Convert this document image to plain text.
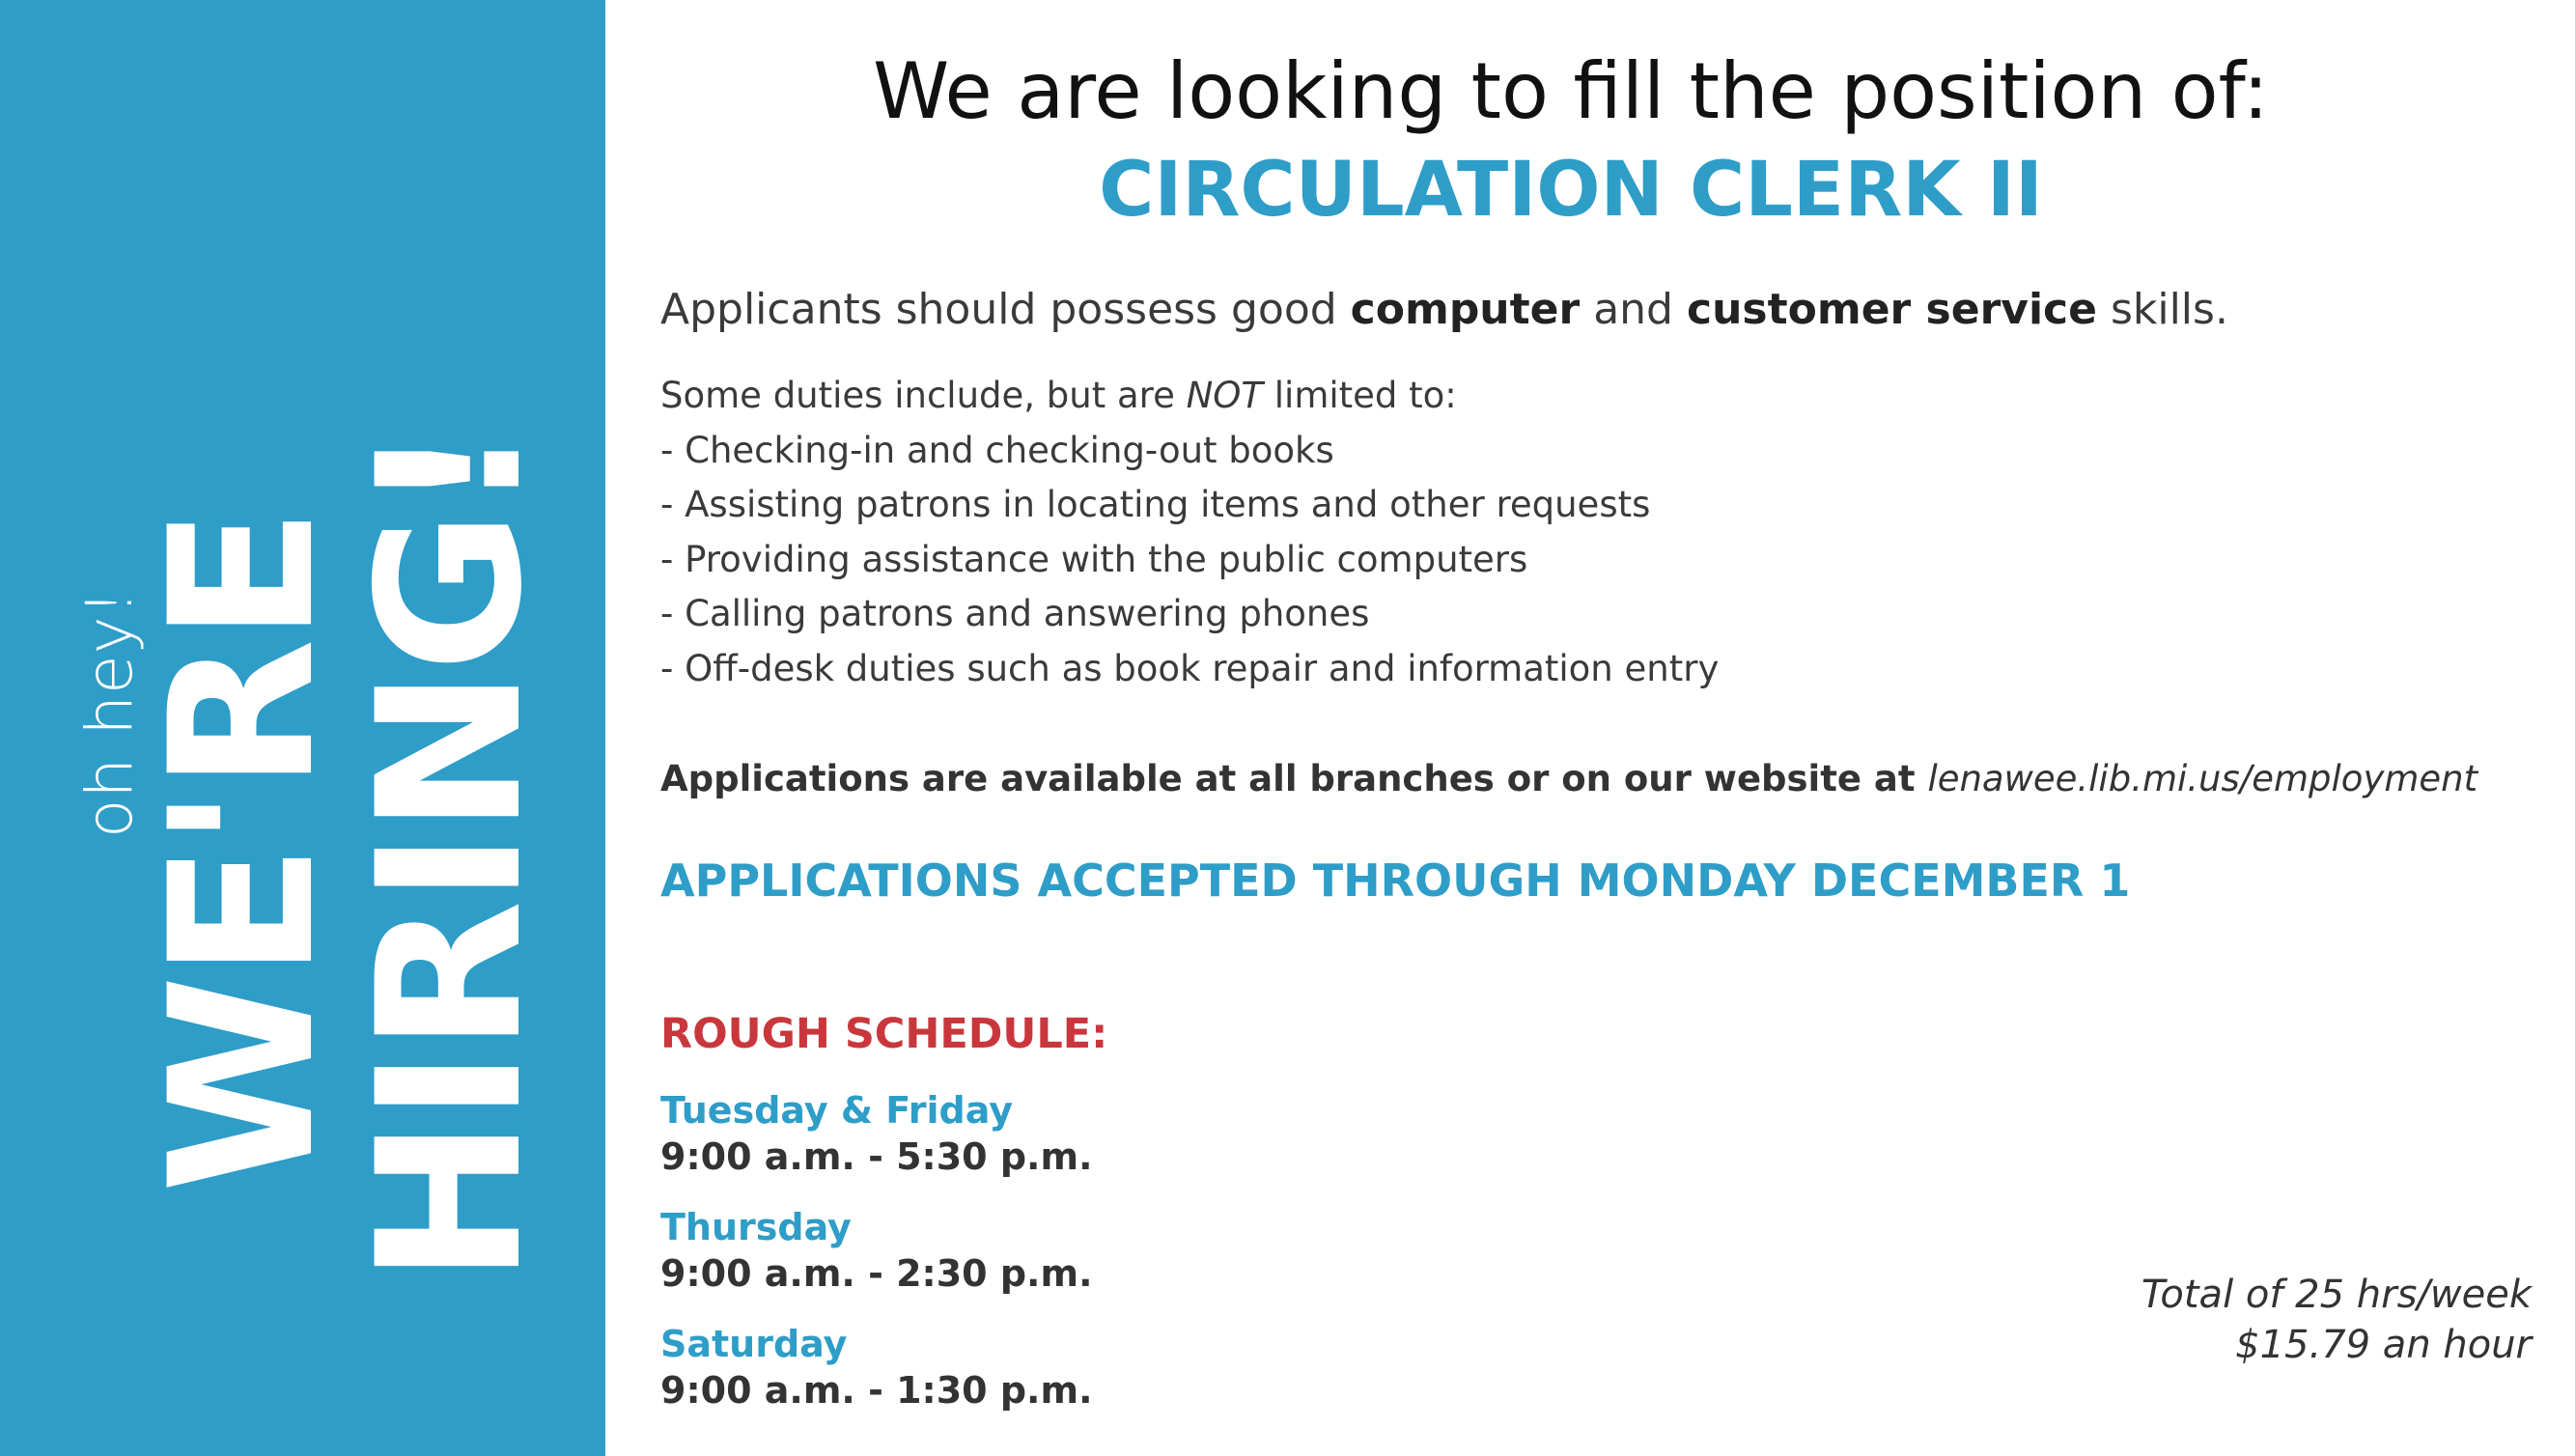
oh hey!
WE'RE
HIRING!
We are looking to fill the position of:
CIRCULATION CLERK II
Applicants should possess good computer and customer service skills.
Some duties include, but are NOT limited to:
- Checking-in and checking-out books
- Assisting patrons in locating items and other requests
- Providing assistance with the public computers
- Calling patrons and answering phones
- Off-desk duties such as book repair and information entry
Applications are available at all branches or on our website at lenawee.lib.mi.us/employment
APPLICATIONS ACCEPTED THROUGH MONDAY DECEMBER 1
ROUGH SCHEDULE:
Tuesday & Friday
9:00 a.m. - 5:30 p.m.
Thursday
9:00 a.m. - 2:30 p.m.
Saturday
9:00 a.m. - 1:30 p.m.
Total of 25 hrs/week
$15.79 an hour
